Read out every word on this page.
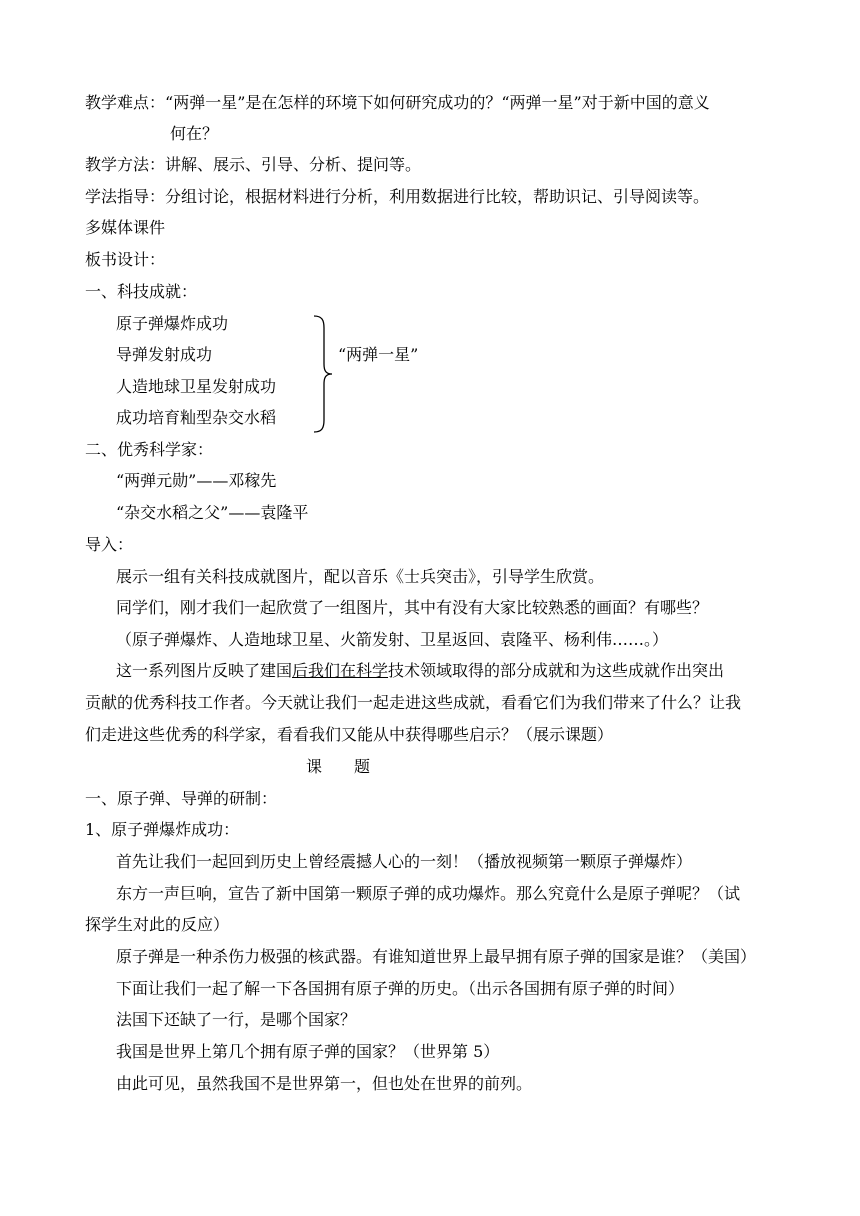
教学难点：“两弹一星”是在怎样的环境下如何研究成功的？“两弹一星”对于新中国的意义
何在？
教学方法：讲解、展示、引导、分析、提问等。
学法指导：分组讨论，根据材料进行分析，利用数据进行比较，帮助识记、引导阅读等。
多媒体课件
板书设计：
一、科技成就：
原子弹爆炸成功
导弹发射成功
人造地球卫星发射成功
成功培育籼型杂交水稻
“两弹一星”
二、优秀科学家：
“两弹元勋”——邓稼先
“杂交水稻之父”——袁隆平
导入：
展示一组有关科技成就图片，配以音乐《士兵突击》，引导学生欣赏。
同学们，刚才我们一起欣赏了一组图片，其中有没有大家比较熟悉的画面？有哪些？
（原子弹爆炸、人造地球卫星、火箭发射、卫星返回、袁隆平、杨利伟……。）
这一系列图片反映了建国后我们在科学技术领域取得的部分成就和为这些成就作出突出
贡献的优秀科技工作者。今天就让我们一起走进这些成就，看看它们为我们带来了什么？让我
们走进这些优秀的科学家，看看我们又能从中获得哪些启示？（展示课题）
课　　题
一、原子弹、导弹的研制：
1、原子弹爆炸成功：
首先让我们一起回到历史上曾经震撼人心的一刻！（播放视频第一颗原子弹爆炸）
东方一声巨响，宣告了新中国第一颗原子弹的成功爆炸。那么究竟什么是原子弹呢？（试
探学生对此的反应）
原子弹是一种杀伤力极强的核武器。有谁知道世界上最早拥有原子弹的国家是谁？（美国）
下面让我们一起了解一下各国拥有原子弹的历史。（出示各国拥有原子弹的时间）
法国下还缺了一行，是哪个国家？
我国是世界上第几个拥有原子弹的国家？（世界第 5）
由此可见，虽然我国不是世界第一，但也处在世界的前列。
